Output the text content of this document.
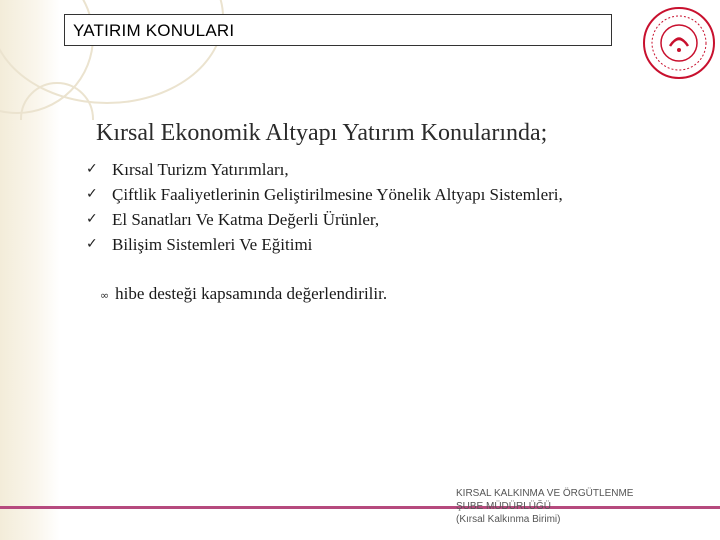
YATIRIM KONULARI
Kırsal Ekonomik Altyapı Yatırım Konularında;
✓ Kırsal Turizm Yatırımları,
✓ Çiftlik Faaliyetlerinin Geliştirilmesine Yönelik Altyapı Sistemleri,
✓ El Sanatları Ve Katma Değerli Ürünler,
✓ Bilişim Sistemleri Ve Eğitimi
∞ hibe desteği kapsamında değerlendirilir.
KIRSAL KALKINMA VE ÖRGÜTLENME
ŞUBE MÜDÜRLÜĞÜ
(Kırsal Kalkınma Birimi)
